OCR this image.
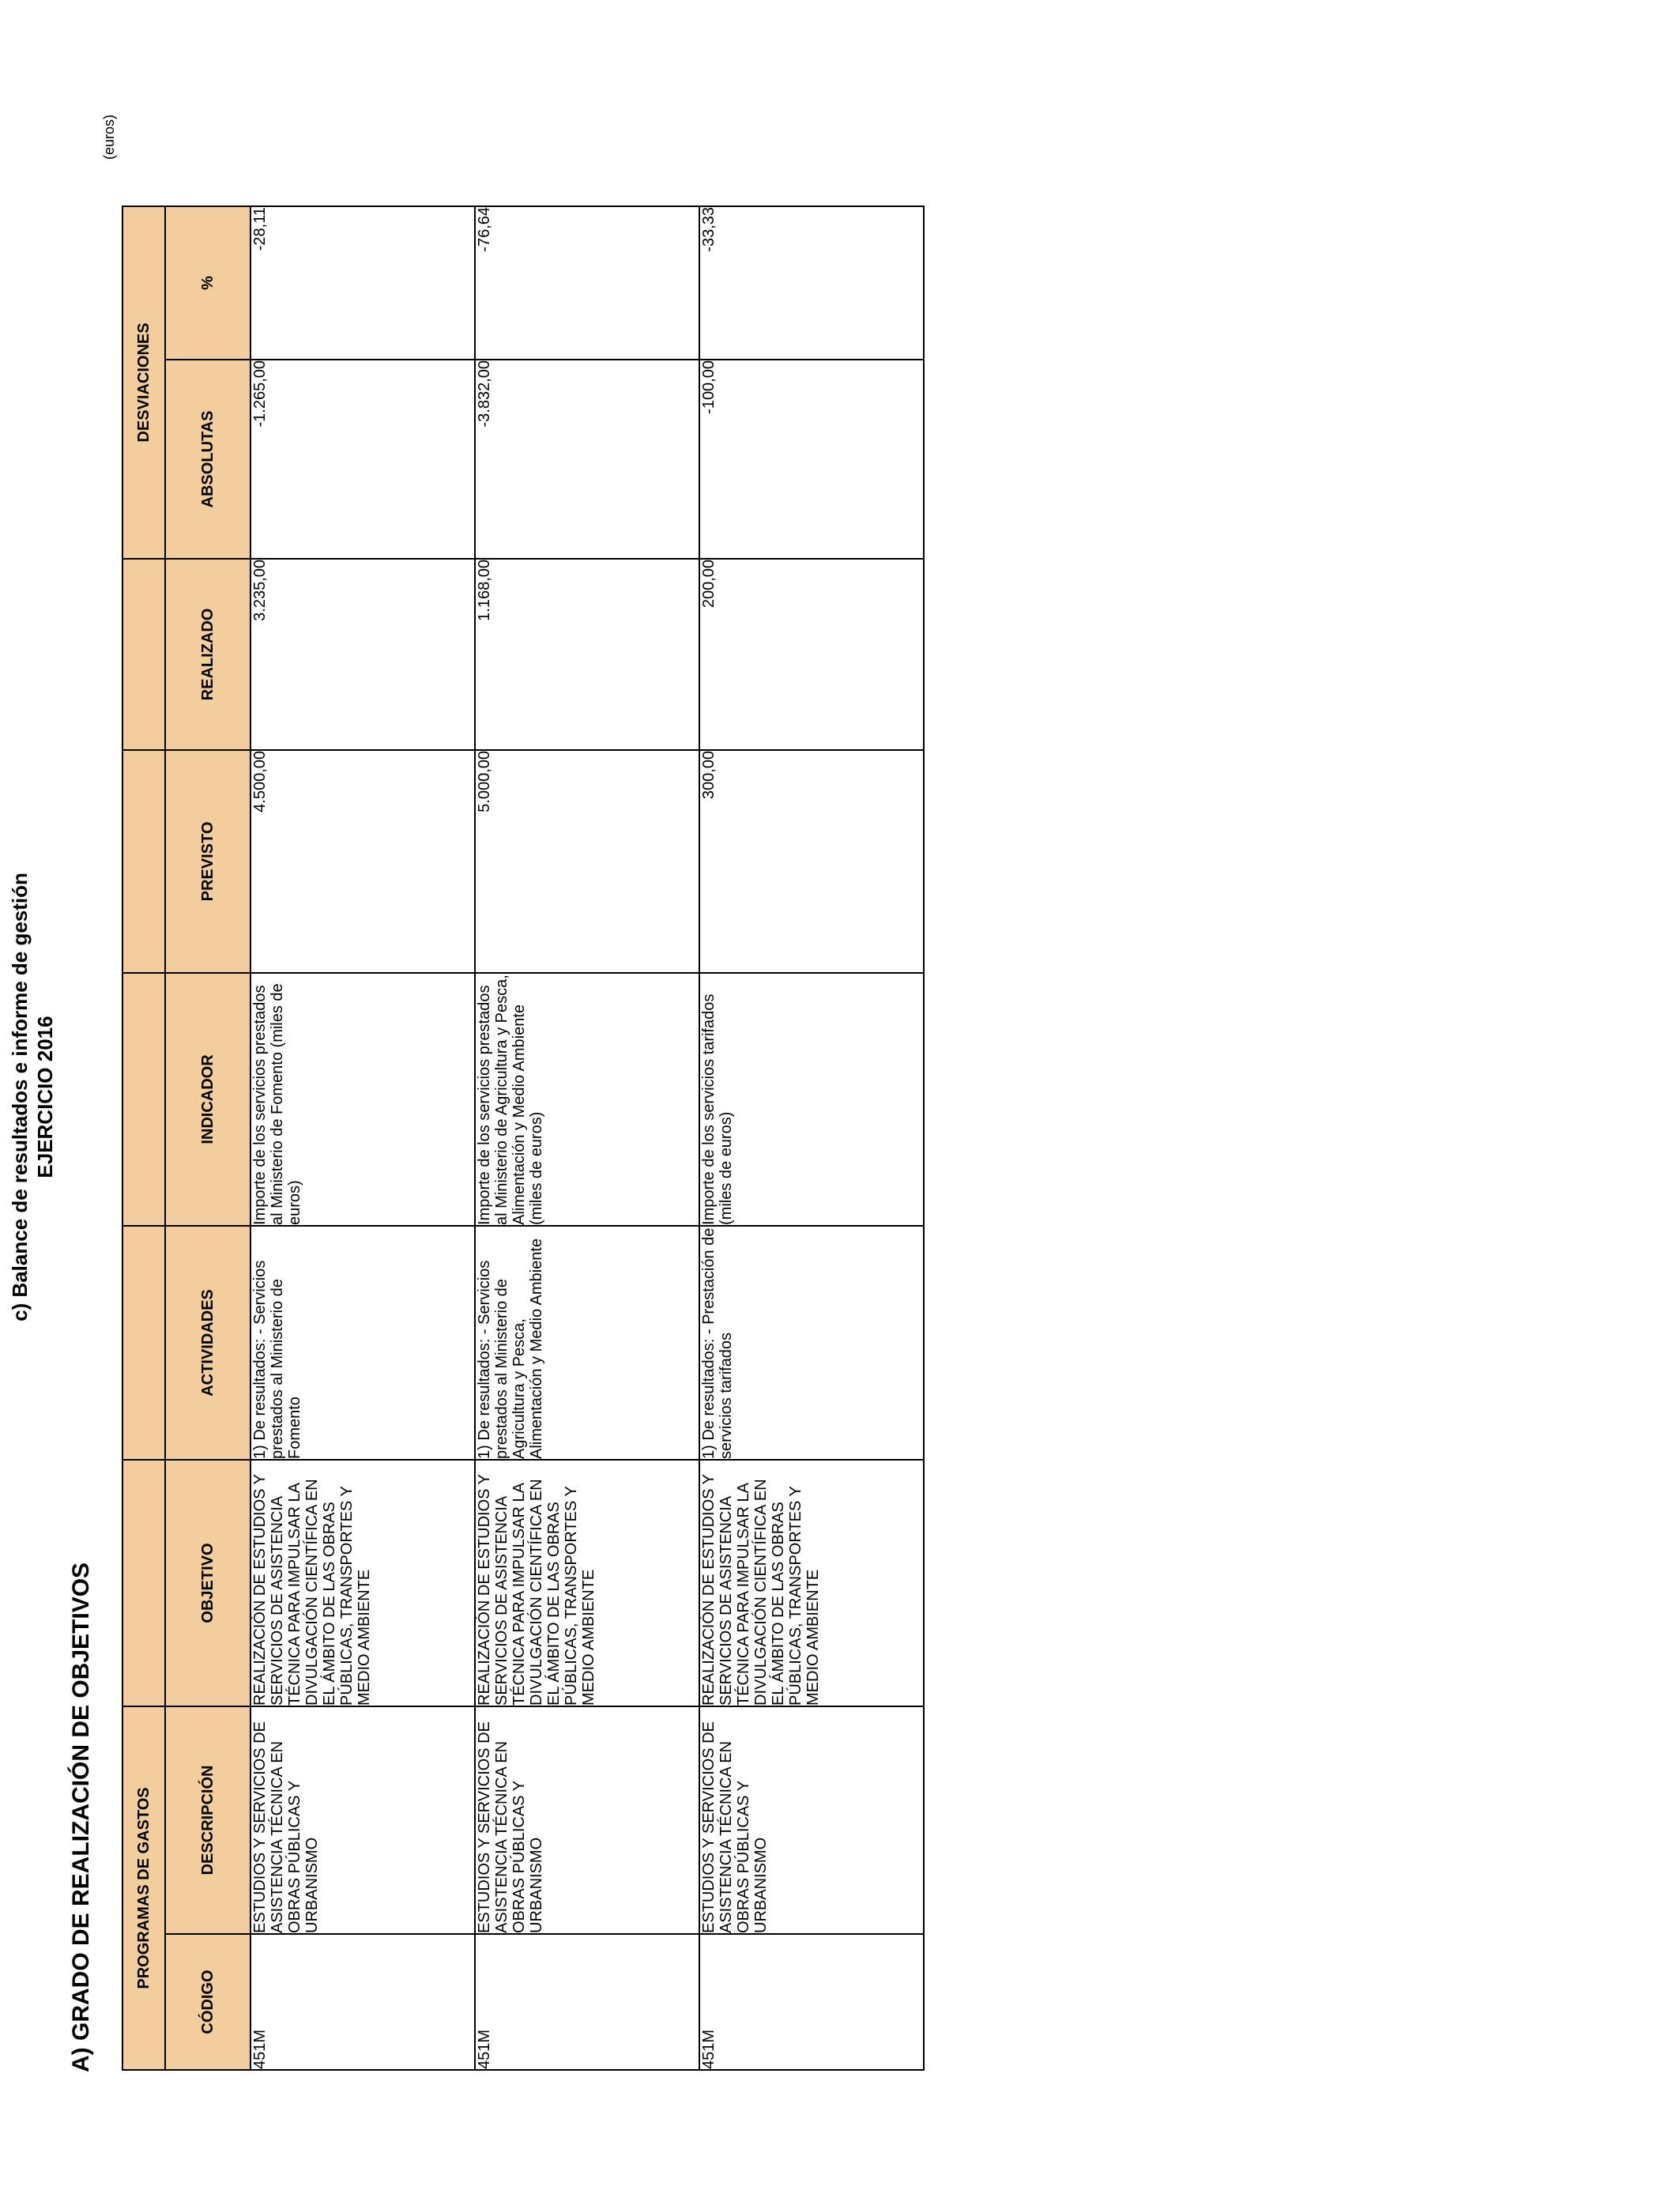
c) Balance de resultados e informe de gestión EJERCICIO 2016
A) GRADO DE REALIZACIÓN DE OBJETIVOS
(euros)
PROGRAMAS DE GASTOS							DESVIACIONES	
CÓDIGO	DESCRIPCIÓN	OBJETIVO	ACTIVIDADES	INDICADOR	PREVISTO	REALIZADO	ABSOLUTAS	%
451M	ESTUDIOS Y SERVICIOS DE ASISTENCIA TÉCNICA EN OBRAS PÚBLICAS Y URBANISMO	REALIZACIÓN DE ESTUDIOS Y SERVICIOS DE ASISTENCIA TÉCNICA PARA IMPULSAR LA DIVULGACIÓN CIENTÍFICA EN EL ÁMBITO DE LAS OBRAS PÚBLICAS, TRANSPORTES Y MEDIO AMBIENTE	1) De resultados: - Servicios prestados al Ministerio de Fomento	Importe de los servicios prestados al Ministerio de Fomento (miles de euros)	4.500,00	3.235,00	-1.265,00	-28,11
451M	ESTUDIOS Y SERVICIOS DE ASISTENCIA TÉCNICA EN OBRAS PÚBLICAS Y URBANISMO	REALIZACIÓN DE ESTUDIOS Y SERVICIOS DE ASISTENCIA TÉCNICA PARA IMPULSAR LA DIVULGACIÓN CIENTÍFICA EN EL ÁMBITO DE LAS OBRAS PÚBLICAS, TRANSPORTES Y MEDIO AMBIENTE	1) De resultados: - Servicios prestados al Ministerio de Agricultura y Pesca, Alimentación y Medio Ambiente	Importe de los servicios prestados al Ministerio de Agricultura y Pesca, Alimentación y Medio Ambiente (miles de euros)	5.000,00	1.168,00	-3.832,00	-76,64
451M	ESTUDIOS Y SERVICIOS DE ASISTENCIA TÉCNICA EN OBRAS PÚBLICAS Y URBANISMO	REALIZACIÓN DE ESTUDIOS Y SERVICIOS DE ASISTENCIA TÉCNICA PARA IMPULSAR LA DIVULGACIÓN CIENTÍFICA EN EL ÁMBITO DE LAS OBRAS PÚBLICAS, TRANSPORTES Y MEDIO AMBIENTE	1) De resultados: - Prestación de servicios tarifados	Importe de los servicios tarifados (miles de euros)	300,00	200,00	-100,00	-33,33
